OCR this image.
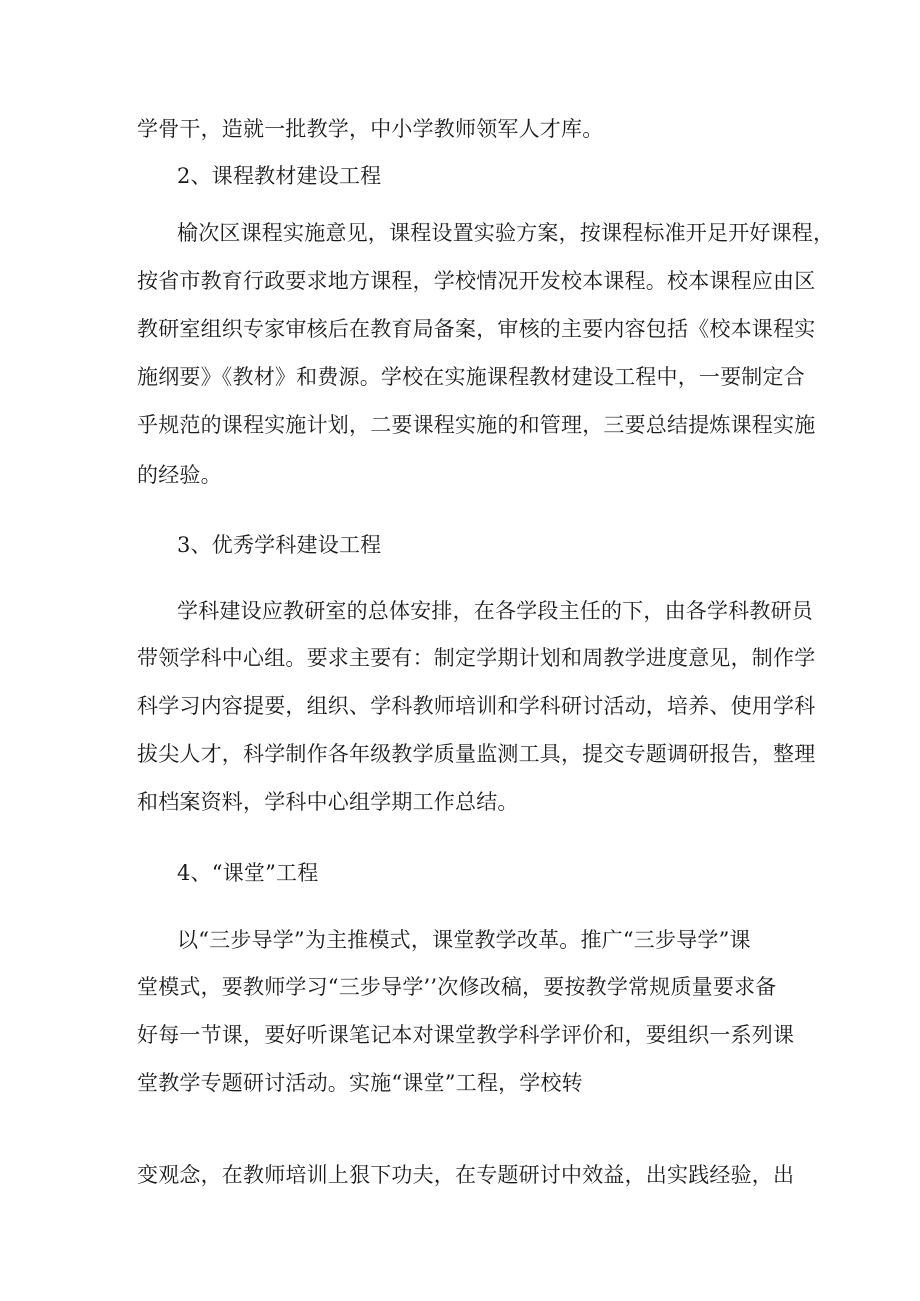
学骨干，造就一批教学，中小学教师领军人才库。
2、课程教材建设工程
榆次区课程实施意见，课程设置实验方案，按课程标准开足开好课程，
按省市教育行政要求地方课程，学校情况开发校本课程。校本课程应由区
教研室组织专家审核后在教育局备案，审核的主要内容包括《校本课程实
施纲要》《教材》和费源。学校在实施课程教材建设工程中，一要制定合
乎规范的课程实施计划，二要课程实施的和管理，三要总结提炼课程实施
的经验。
3、优秀学科建设工程
学科建设应教研室的总体安排，在各学段主任的下，由各学科教研员
带领学科中心组。要求主要有：制定学期计划和周教学进度意见，制作学
科学习内容提要，组织、学科教师培训和学科研讨活动，培养、使用学科
拔尖人才，科学制作各年级教学质量监测工具，提交专题调研报告，整理
和档案资料，学科中心组学期工作总结。
4、“课堂”工程
以“三步导学”为主推模式，课堂教学改革。推广“三步导学”课
堂模式，要教师学习“三步导学’’次修改稿，要按教学常规质量要求备
好每一节课，要好听课笔记本对课堂教学科学评价和，要组织一系列课
堂教学专题研讨活动。实施“课堂”工程，学校转
变观念，在教师培训上狠下功夫，在专题研讨中效益，出实践经验，出
